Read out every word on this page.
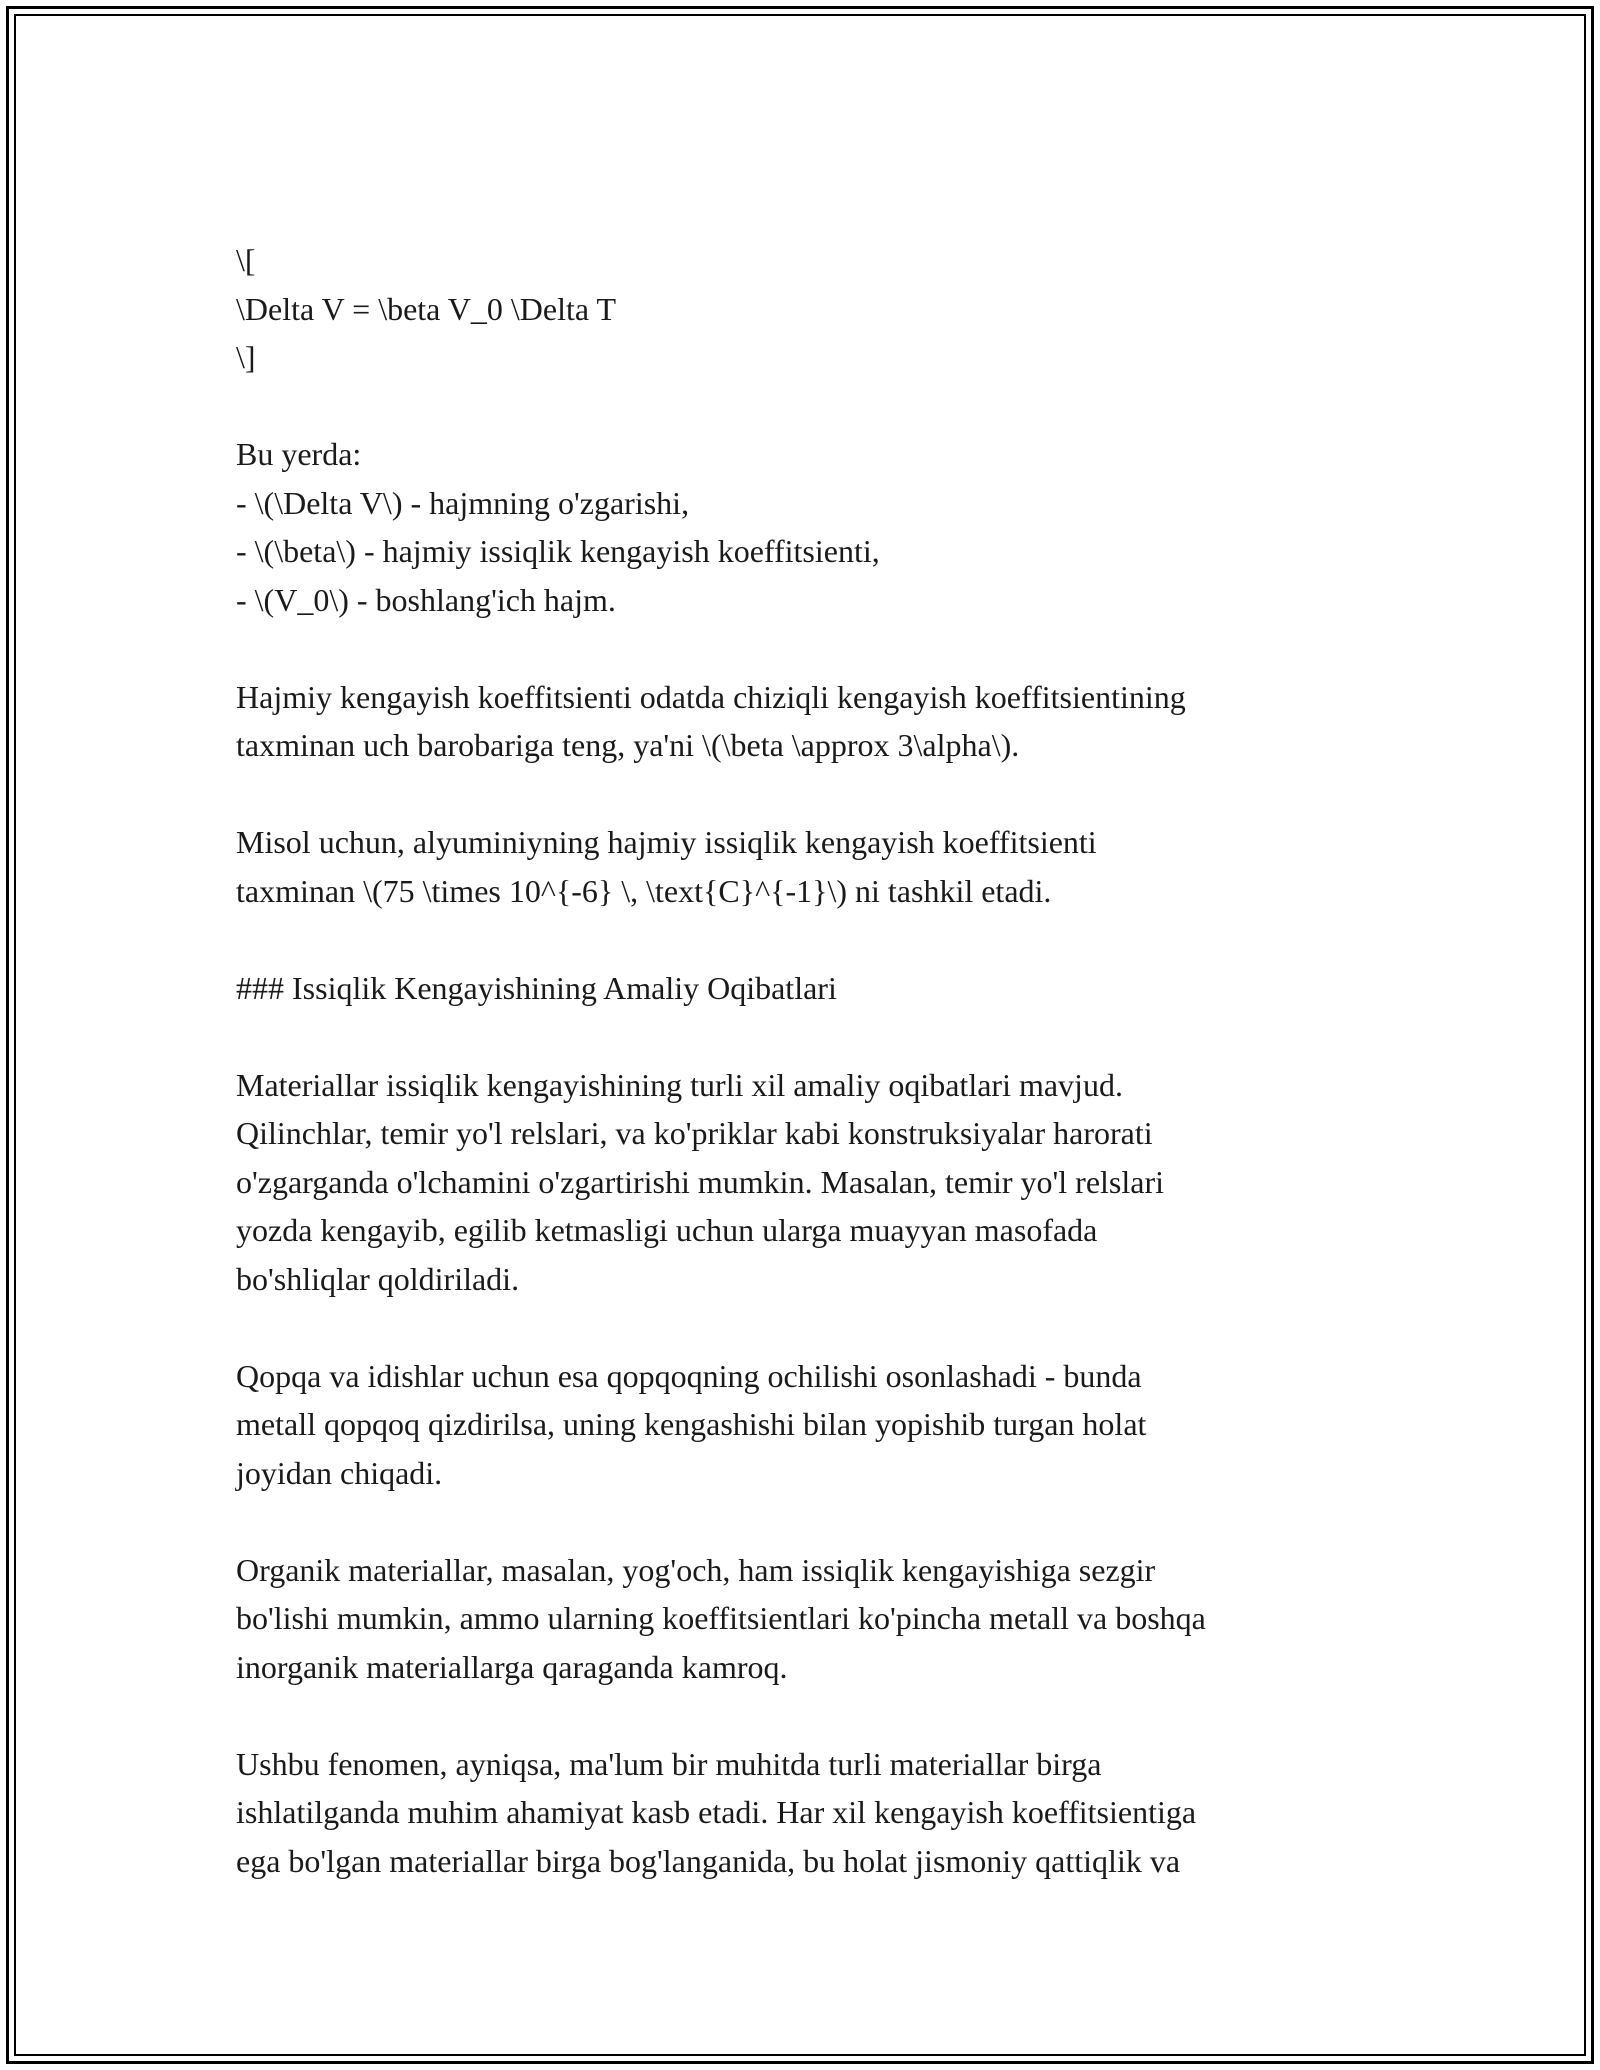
\[
\Delta V = \beta V_0 \Delta T
\]
Bu yerda:
- \(\Delta V\) - hajmning o'zgarishi,
- \(\beta\) - hajmiy issiqlik kengayish koeffitsienti,
- \(V_0\) - boshlang'ich hajm.
Hajmiy kengayish koeffitsienti odatda chiziqli kengayish koeffitsientining
taxminan uch barobariga teng, ya'ni \(\beta \approx 3\alpha\).
Misol uchun, alyuminiyning hajmiy issiqlik kengayish koeffitsienti
taxminan \(75 \times 10^{-6} \, \text{C}^{-1}\) ni tashkil etadi.
### Issiqlik Kengayishining Amaliy Oqibatlari
Materiallar issiqlik kengayishining turli xil amaliy oqibatlari mavjud.
Qilinchlar, temir yo'l relslari, va ko'priklar kabi konstruksiyalar harorati
o'zgarganda o'lchamini o'zgartirishi mumkin. Masalan, temir yo'l relslari
yozda kengayib, egilib ketmasligi uchun ularga muayyan masofada
bo'shliqlar qoldiriladi.
Qopqa va idishlar uchun esa qopqoqning ochilishi osonlashadi - bunda
metall qopqoq qizdirilsa, uning kengashishi bilan yopishib turgan holat
joyidan chiqadi.
Organik materiallar, masalan, yog'och, ham issiqlik kengayishiga sezgir
bo'lishi mumkin, ammo ularning koeffitsientlari ko'pincha metall va boshqa
inorganik materiallarga qaraganda kamroq.
Ushbu fenomen, ayniqsa, ma'lum bir muhitda turli materiallar birga
ishlatilganda muhim ahamiyat kasb etadi. Har xil kengayish koeffitsientiga
ega bo'lgan materiallar birga bog'langanida, bu holat jismoniy qattiqlik va
